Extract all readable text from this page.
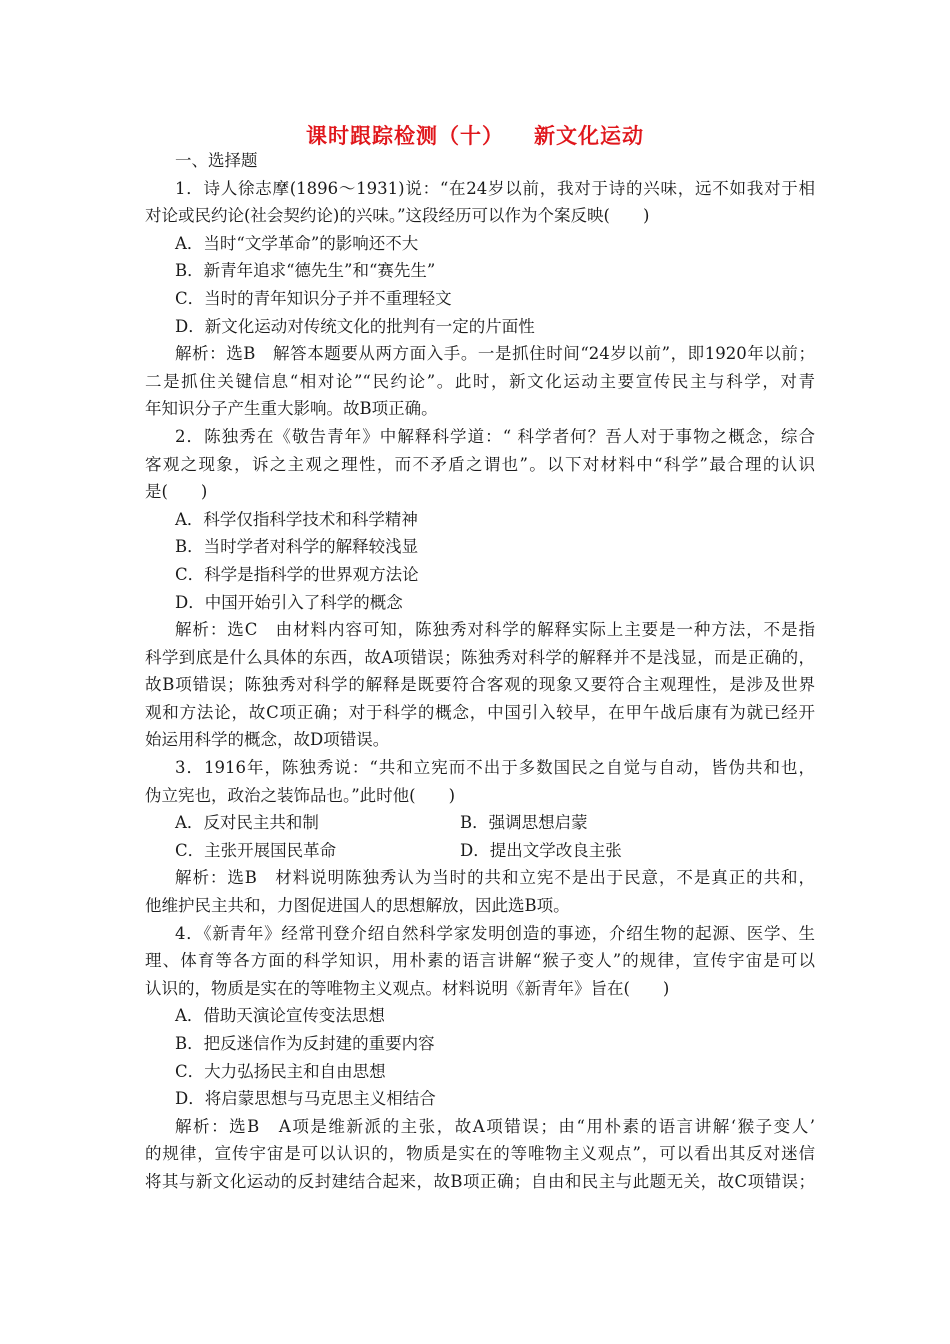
课时跟踪检测（十） 新文化运动
一、选择题
1．诗人徐志摩(1896～1931)说：“在24岁以前，我对于诗的兴味，远不如我对于相
对论或民约论(社会契约论)的兴味。”这段经历可以作为个案反映(　　)
A．当时“文学革命”的影响还不大
B．新青年追求“德先生”和“赛先生”
C．当时的青年知识分子并不重理轻文
D．新文化运动对传统文化的批判有一定的片面性
解析：选B　解答本题要从两方面入手。一是抓住时间“24岁以前”，即1920年以前；
二是抓住关键信息“相对论”“民约论”。此时，新文化运动主要宣传民主与科学，对青
年知识分子产生重大影响。故B项正确。
2．陈独秀在《敬告青年》中解释科学道：“ 科学者何？吾人对于事物之概念，综合
客观之现象，诉之主观之理性，而不矛盾之谓也”。以下对材料中“科学”最合理的认识
是(　　)
A．科学仅指科学技术和科学精神
B．当时学者对科学的解释较浅显
C．科学是指科学的世界观方法论
D．中国开始引入了科学的概念
解析：选C　由材料内容可知，陈独秀对科学的解释实际上主要是一种方法，不是指
科学到底是什么具体的东西，故A项错误；陈独秀对科学的解释并不是浅显，而是正确的，
故B项错误；陈独秀对科学的解释是既要符合客观的现象又要符合主观理性，是涉及世界
观和方法论，故C项正确；对于科学的概念，中国引入较早，在甲午战后康有为就已经开
始运用科学的概念，故D项错误。
3．1916年，陈独秀说：“共和立宪而不出于多数国民之自觉与自动，皆伪共和也，
伪立宪也，政治之装饰品也。”此时他(　　)
A．反对民主共和制	B．强调思想启蒙
C．主张开展国民革命	D．提出文学改良主张
解析：选B　材料说明陈独秀认为当时的共和立宪不是出于民意，不是真正的共和，
他维护民主共和，力图促进国人的思想解放，因此选B项。
4．《新青年》经常刊登介绍自然科学家发明创造的事迹，介绍生物的起源、医学、生
理、体育等各方面的科学知识，用朴素的语言讲解“猴子变人”的规律，宣传宇宙是可以
认识的，物质是实在的等唯物主义观点。材料说明《新青年》旨在(　　)
A．借助天演论宣传变法思想
B．把反迷信作为反封建的重要内容
C．大力弘扬民主和自由思想
D．将启蒙思想与马克思主义相结合
解析：选B　A项是维新派的主张，故A项错误；由“用朴素的语言讲解‘猴子变人’
的规律，宣传宇宙是可以认识的，物质是实在的等唯物主义观点”，可以看出其反对迷信
将其与新文化运动的反封建结合起来，故B项正确；自由和民主与此题无关，故C项错误；
